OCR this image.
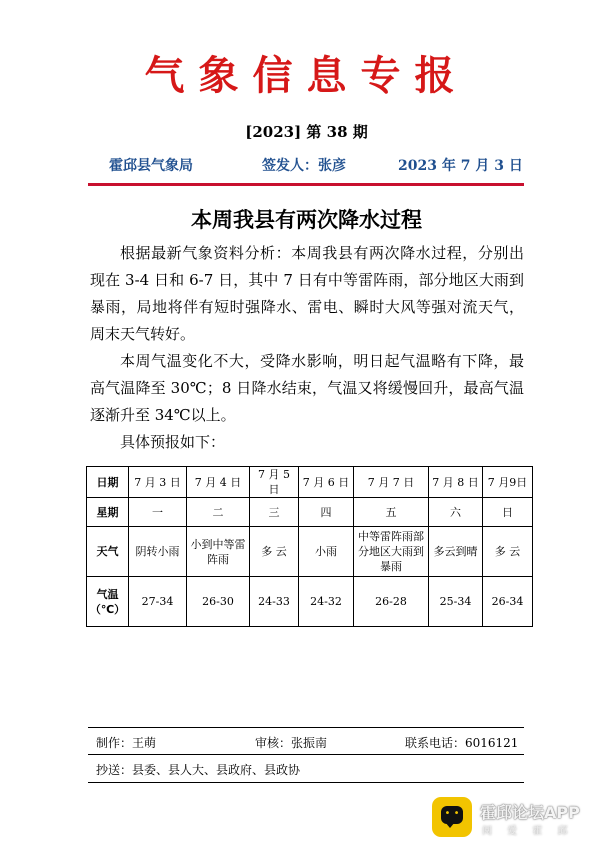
气象信息专报
[2023] 第 38 期
霍邱县气象局	签发人：张彦	2023 年 7 月 3 日
本周我县有两次降水过程

根据最新气象资料分析：本周我县有两次降水过程，分别出现在 3-4 日和 6-7 日，其中 7 日有中等雷阵雨，部分地区大雨到暴雨，局地将伴有短时强降水、雷电、瞬时大风等强对流天气，周末天气转好。

本周气温变化不大，受降水影响，明日起气温略有下降，最高气温降至 30℃；8 日降水结束，气温又将缓慢回升，最高气温逐渐升至 34℃以上。

具体预报如下：

日期	7 月 3 日	7 月 4 日	7 月 5 日	7 月 6 日	7 月 7 日	7 月 8 日	7 月9日
星期	一	二	三	四	五	六	日
天气	阴转小雨	小到中等雷阵雨	多 云	小雨	中等雷阵雨部分地区大雨到暴雨	多云到晴	多 云
气温（℃）	27-34	26-30	24-33	24-32	26-28	25-34	26-34
制作：王萌	审核：张振南	联系电话：6016121
抄送：县委、县人大、县政府、县政协
• • •
霍邱论坛APP
阅 爱 霍 邱
